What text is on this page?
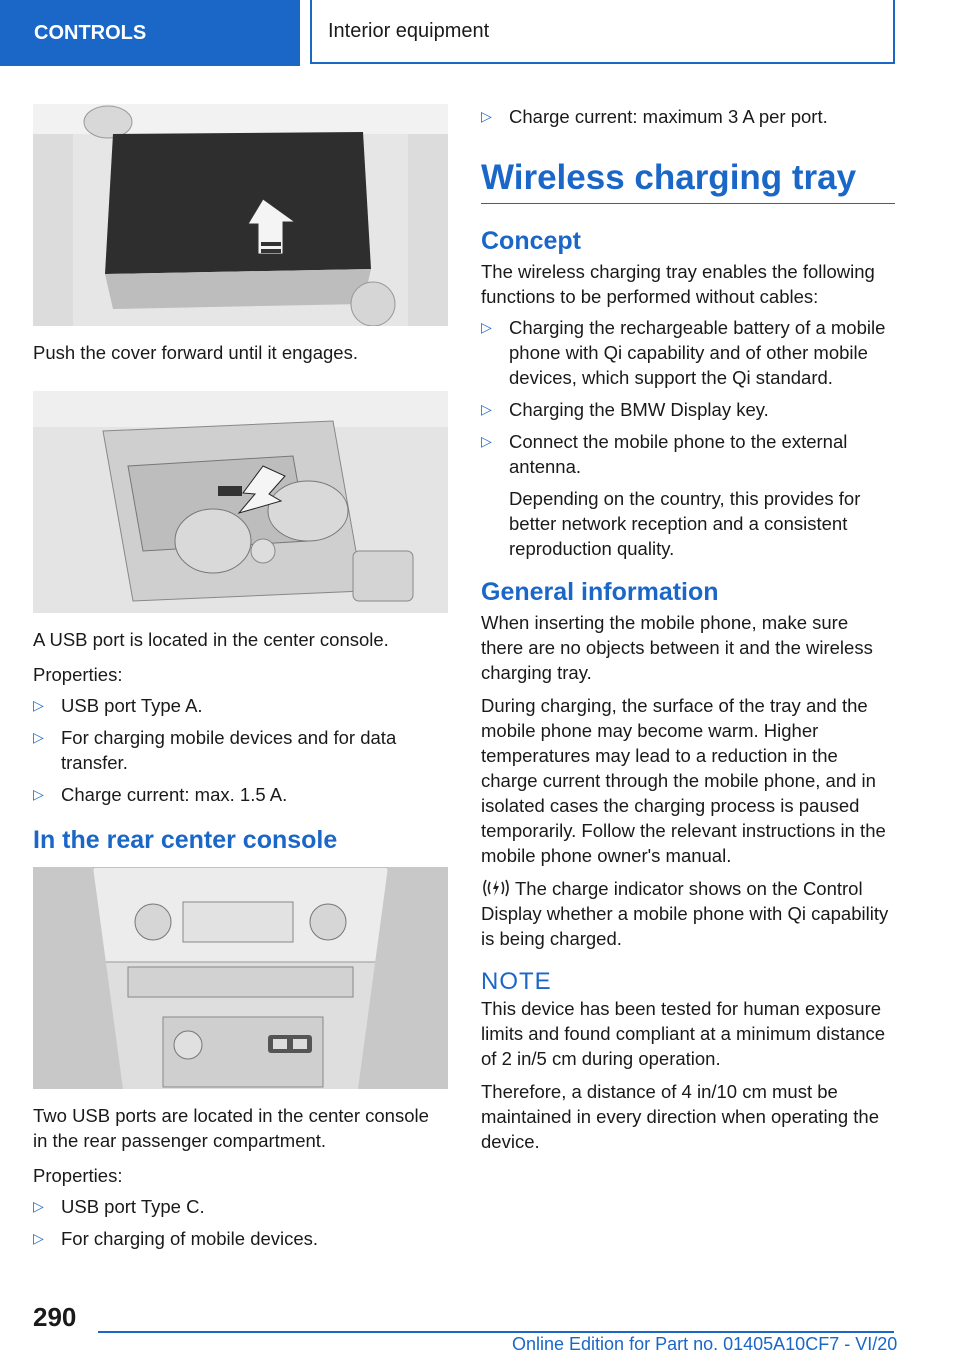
CONTROLS	Interior equipment

Push the cover forward until it engages.

A USB port is located in the center console.

Properties:

▷ USB port Type A.
▷ For charging mobile devices and for data transfer.
▷ Charge current: max. 1.5 A.
In the rear center console

Two USB ports are located in the center console in the rear passenger compartment.

Properties:

▷ USB port Type C.
▷ For charging of mobile devices.
▷ Charge current: maximum 3 A per port.
Wireless charging tray
Concept

The wireless charging tray enables the following functions to be performed without cables:

▷ Charging the rechargeable battery of a mobile phone with Qi capability and of other mobile devices, which support the Qi standard.
▷ Charging the BMW Display key.
▷ Connect the mobile phone to the external antenna.
Depending on the country, this provides for better network reception and a consistent reproduction quality.
General information

When inserting the mobile phone, make sure there are no objects between it and the wireless charging tray.

During charging, the surface of the tray and the mobile phone may become warm. Higher temperatures may lead to a reduction in the charge current through the mobile phone, and in isolated cases the charging process is paused temporarily. Follow the relevant instructions in the mobile phone owner's manual.

The charge indicator shows on the Control Display whether a mobile phone with Qi capability is being charged.

NOTE

This device has been tested for human exposure limits and found compliant at a minimum distance of 2 in/5 cm during operation.

Therefore, a distance of 4 in/10 cm must be maintained in every direction when operating the device.

290
Online Edition for Part no. 01405A10CF7 - VI/20
